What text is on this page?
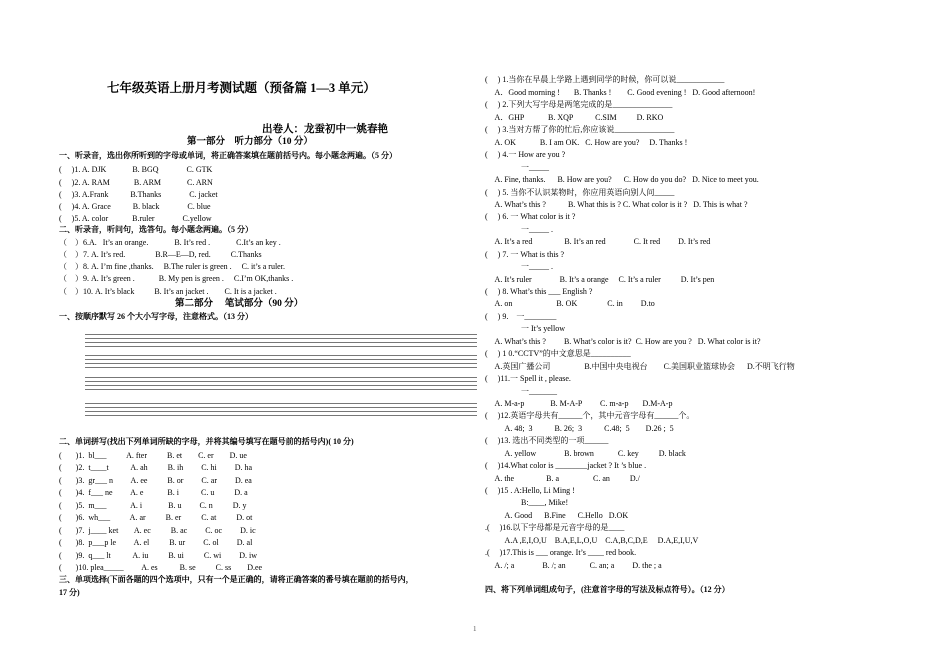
七年级英语上册月考测试题（预备篇 1—3 单元）
出卷人：龙蚕初中一姚春艳
第一部分    听力部分（10 分）
一、听录音，选出你所听到的字母或单词，将正确答案填在题前括号内。每小题念两遍。（5 分）
(     )1. A. DJK             B. BGQ              C. GTK
(     )2. A. RAM            B. ARM             C. ARN
(     )3. A.Frank           B.Thanks              C. jacket
(     )4. A. Grace           B. black              C. blue
(     )5. A. color            B.ruler              C.yellow
二、听录音，听问句，选答句。每小题念两遍。（5 分）
（    ）6.A.   It’s an orange.             B. It’s red .             C.It’s an key .
（    ）7. A. It’s red.               B.R—E—D, red.          C.Thanks
（    ）8. A. I’m fine ,thanks.     B.The ruler is green .     C. it’s a ruler.
（    ）9. A. It’s green .            B. My pen is green .     C.I’m OK,thanks .
（    ）10. A. It’s black          B. It’s an jacket .        C. It is a jacket .
第二部分     笔试部分（90 分）
一、按顺序默写 26 个大小写字母，注意格式。（13 分）
二、单词拼写(找出下列单词所缺的字母，并将其编号填写在题号前的括号内)( 10 分)
(       )1.  bl___          A. fter          B. et        C. er        D. ue
(       )2.  t____t           A. ah          B. ih         C. hi         D. ha
(       )3.  gr___ n         A. ee          B. or         C. ar         D. ea
(       )4.  f___ ne         A. e            B. i           C. u          D. a
(       )5.  m___            A. i             B. u         C. n          D. y
(       )6.  wh___          A. ar          B. er          C. at          D. ot
(       )7.  j____ ket        A. ec          B. ac         C. oc         D. ic
(       )8.  p___p le         A. el          B. ur         C. ol         D. al
(       )9.  q___ lt           A. iu          B. ui          C. wi         D. iw
(       )10. plea_____         A. es           B. se          C. ss        D.ee
三、单项选择(下面各题的四个选项中，只有一个是正确的，请将正确答案的番号填在题前的括号内，
17 分)
(     ) 1.当你在早晨上学路上遇到同学的时候，你可以说____________
A．Good morning !       B. Thanks !        C. Good evening !   D. Good afternoon!
(     ) 2.下列大写字母是两笔完成的是_______________
A．GHP            B. XQP           C.SIM          D. RKO
(     ) 3.当对方帮了你的忙后,你应该说_______________
A. OK            B. I am OK.   C. How are you?     D. Thanks !
(     ) 4.一 How are you ?
一_____
A. Fine, thanks.      B. How are you?      C. How do you do?   D. Nice to meet you.
(     ) 5. 当你不认识某物时，你应用英语向别人问_____
A. What’s this ?           B. What this is ? C. What color is it ?   D. This is what ?
(     ) 6. 一 What color is it ?
一_____ .
A. It’s a red                B. It’s an red              C. It red         D. It’s red
(     ) 7. 一 What is this ?
一_____ .
A. It’s ruler              B. It’s a orange     C. It’s a ruler          D. It’s pen
(     ) 8. What’s this ___ English ?
A. on                      B. OK               C. in         D.to
(     ) 9.    一________
一 It’s yellow
A. What’s this ?         B. What’s color is it?  C. How are you ?   D. What color is it?
(     ) 1 0.“CCTV”的中文意思是__________
A.英国广播公司                 B.中国中央电视台        C.美国职业篮球协会      D.不明飞行物
(     )11.一 Spell it , please.
一_______
A. M-a-p             B. M-A-P         C. m-a-p       D.M-A-p
(     )12.英语字母共有______个，其中元音字母有______个。
A. 48;  3           B. 26;  3           C.48;  5        D.26 ;  5
(     )13. 选出不同类型的一项______
A. yellow              B. brown            C. key          D. black
(     )14.What color is ________jacket ? It ’s blue .
A. the                B. a                 C. an          D./
(     )15 . A:Hello, Li Ming !
B:____, Mike!
A. Good      B.Fine      C.Hello   D.OK
.(     )16.以下字母都是元音字母的是____
A.A ,E,I,O,U    B.A,E,L,O,U    C.A,B,C,D,E     D.A,E,I,U,V
.(     )17.This is ___ orange. It’s ____ red book.
A. /; a              B. /; an            C. an; a         D. the ; a
四、将下列单词组成句子，(注意首字母的写法及标点符号）。（12 分）
1
